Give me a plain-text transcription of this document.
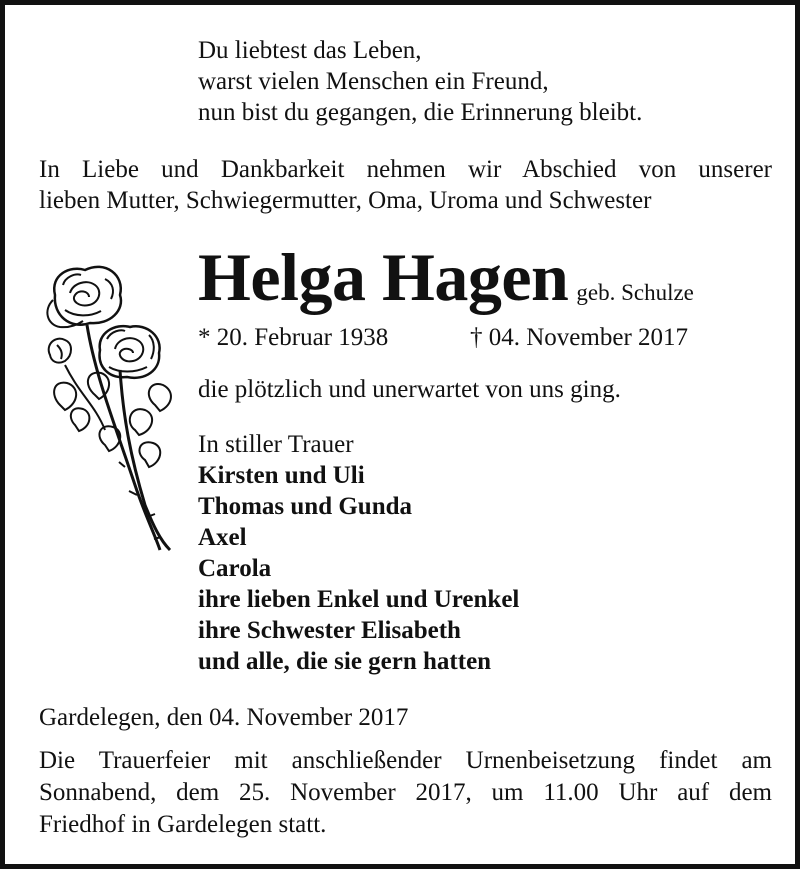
Du liebtest das Leben,
warst vielen Menschen ein Freund,
nun bist du gegangen, die Erinnerung bleibt.
In Liebe und Dankbarkeit nehmen wir Abschied von unserer
lieben Mutter, Schwiegermutter, Oma, Uroma und Schwester
Helga Hagen geb. Schulze
* 20. Februar 1938	† 04. November 2017
die plötzlich und unerwartet von uns ging.
In stiller Trauer
Kirsten und Uli
Thomas und Gunda
Axel
Carola
ihre lieben Enkel und Urenkel
ihre Schwester Elisabeth
und alle, die sie gern hatten
Gardelegen, den 04. November 2017
Die Trauerfeier mit anschließender Urnenbeisetzung findet am
Sonnabend, dem 25. November 2017, um 11.00 Uhr auf dem
Friedhof in Gardelegen statt.
